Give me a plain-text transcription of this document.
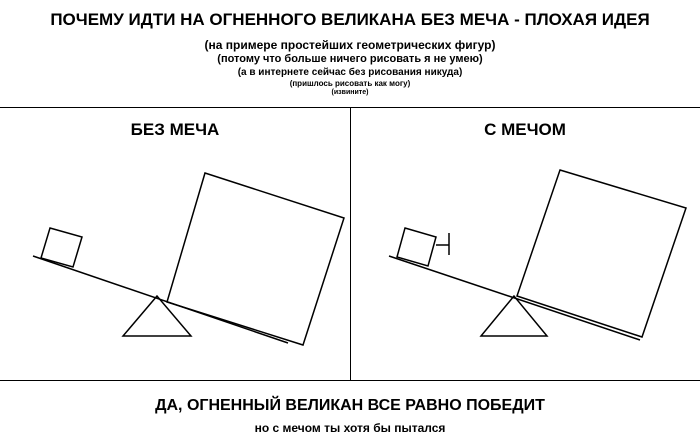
ПОЧЕМУ ИДТИ НА ОГНЕННОГО ВЕЛИКАНА БЕЗ МЕЧА - ПЛОХАЯ ИДЕЯ
(на примере простейших геометрических фигур)
(потому что больше ничего рисовать я не умею)
(а в интернете сейчас без рисования никуда)
(пришлось рисовать как могу)
(извините)
БЕЗ МЕЧА	С МЕЧОМ
ДА, ОГНЕННЫЙ ВЕЛИКАН ВСЕ РАВНО ПОБЕДИТ
но с мечом ты хотя бы пытался
